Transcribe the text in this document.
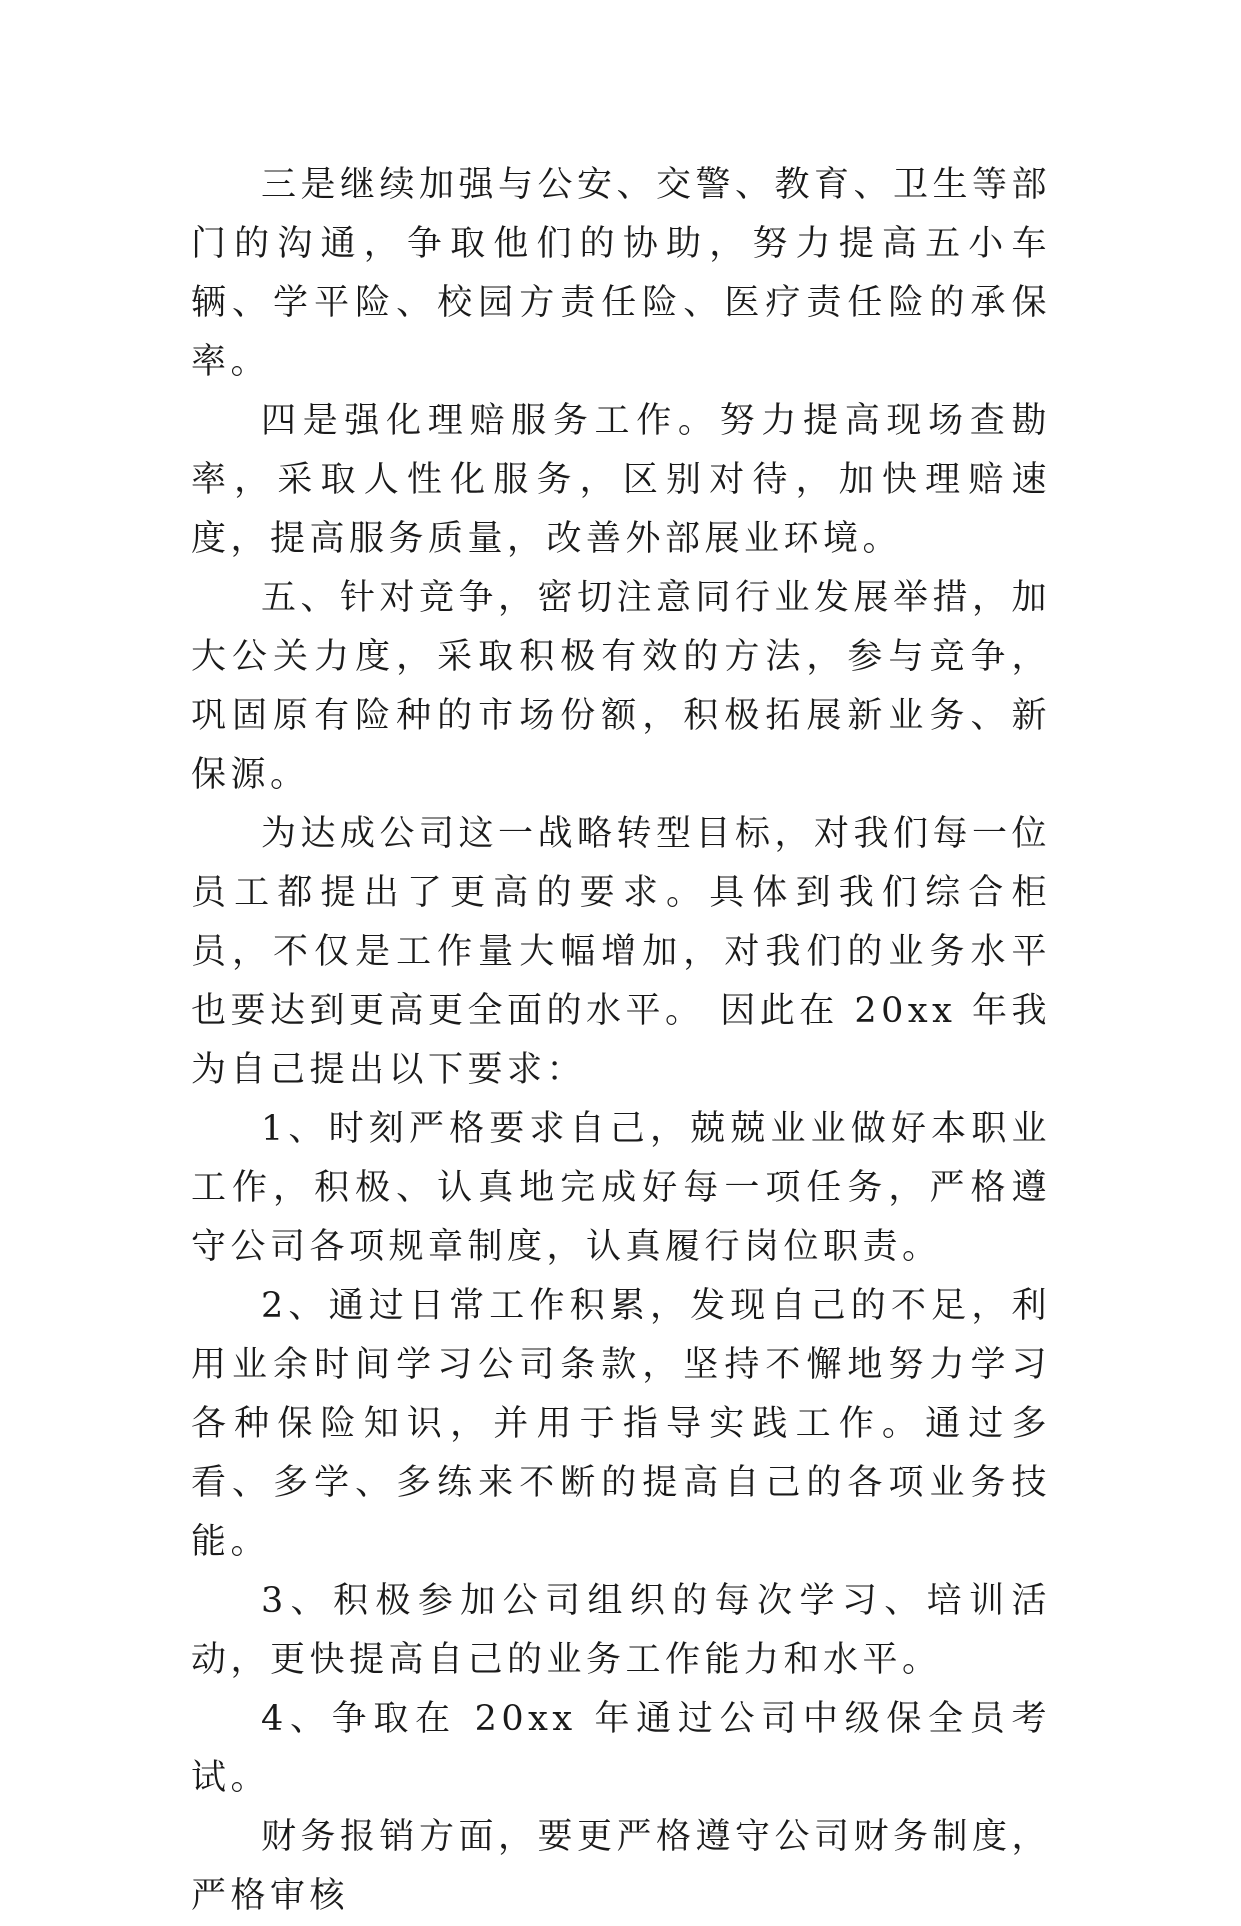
三是继续加强与公安、交警、教育、卫生等部门的沟通，争取他们的协助，努力提高五小车辆、学平险、校园方责任险、医疗责任险的承保率。

四是强化理赔服务工作。努力提高现场查勘率，采取人性化服务，区别对待，加快理赔速度，提高服务质量，改善外部展业环境。

五、针对竞争，密切注意同行业发展举措，加大公关力度，采取积极有效的方法，参与竞争，巩固原有险种的市场份额，积极拓展新业务、新保源。

为达成公司这一战略转型目标，对我们每一位员工都提出了更高的要求。具体到我们综合柜员，不仅是工作量大幅增加，对我们的业务水平也要达到更高更全面的水平。 因此在 20xx 年我为自己提出以下要求：

1、时刻严格要求自己，兢兢业业做好本职业工作，积极、认真地完成好每一项任务，严格遵守公司各项规章制度，认真履行岗位职责。

2、通过日常工作积累，发现自己的不足，利用业余时间学习公司条款，坚持不懈地努力学习各种保险知识，并用于指导实践工作。通过多看、多学、多练来不断的提高自己的各项业务技能。

3、积极参加公司组织的每次学习、培训活动，更快提高自己的业务工作能力和水平。

4、争取在 20xx 年通过公司中级保全员考试。

财务报销方面，要更严格遵守公司财务制度，严格审核
